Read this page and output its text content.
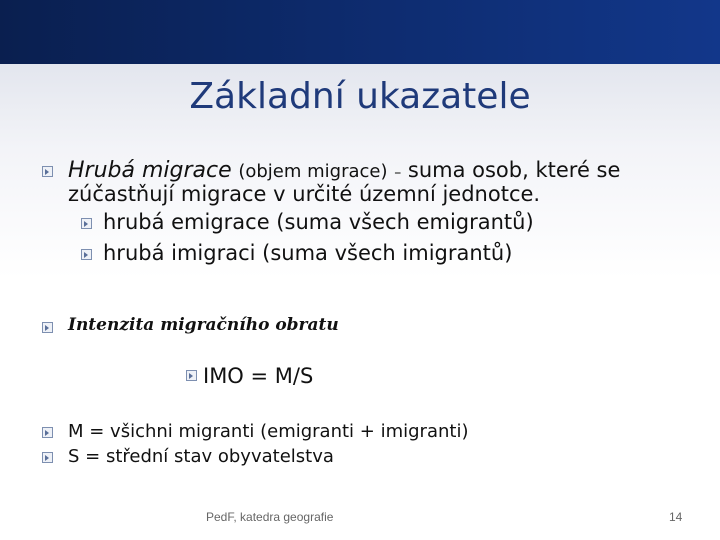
Základní ukazatele
Hrubá migrace (objem migrace) – suma osob, které se
zúčastňují migrace v určité územní jednotce.
hrubá emigrace (suma všech emigrantů)
hrubá imigraci (suma všech imigrantů)
Intenzita migračního obratu
IMO = M/S
M = všichni migranti (emigranti + imigranti)
S = střední stav obyvatelstva
PedF, katedra geografie	14
